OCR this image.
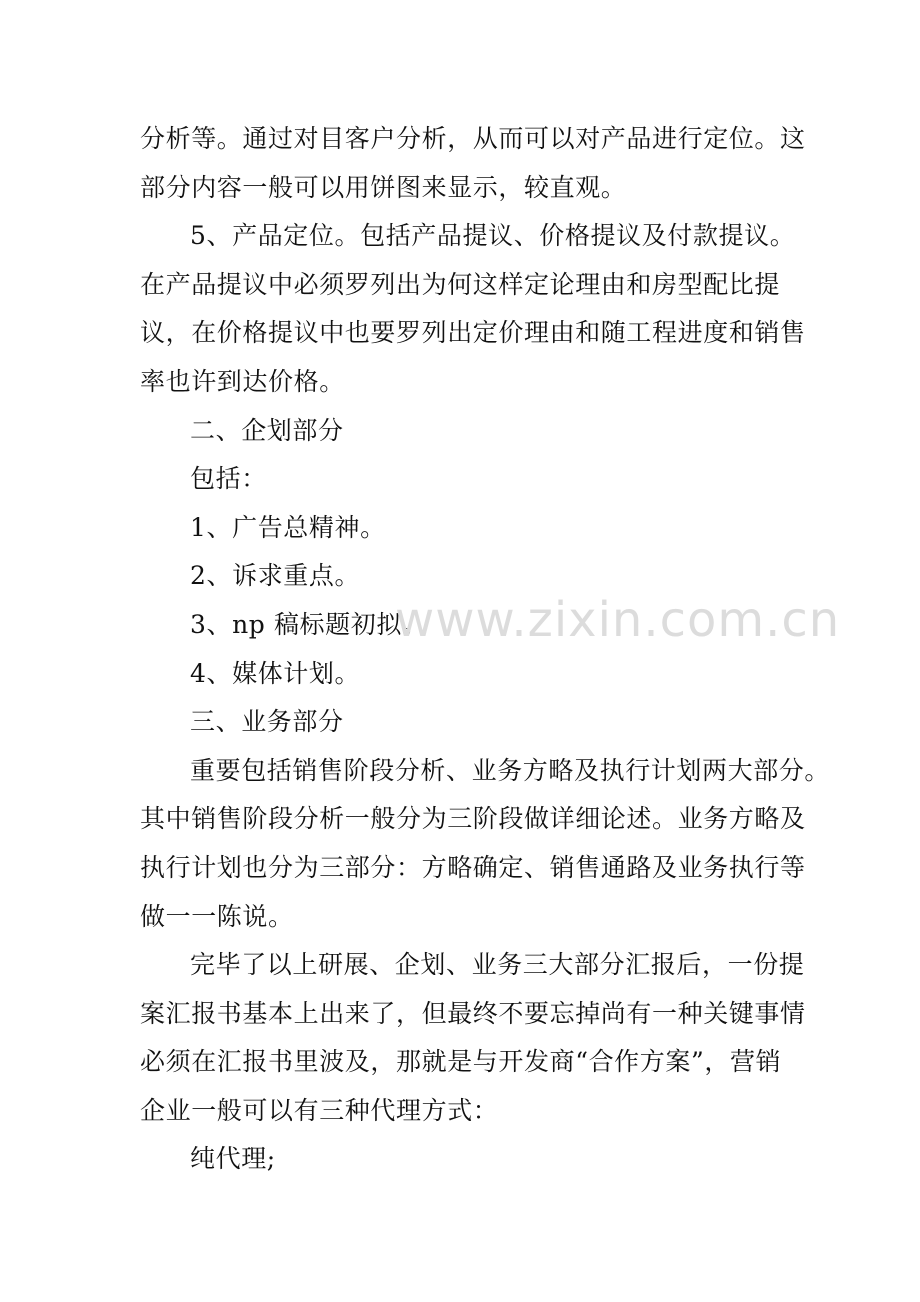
分析等。通过对目客户分析，从而可以对产品进行定位。这
部分内容一般可以用饼图来显示，较直观。
5、产品定位。包括产品提议、价格提议及付款提议。
在产品提议中必须罗列出为何这样定论理由和房型配比提
议，在价格提议中也要罗列出定价理由和随工程进度和销售
率也许到达价格。
二、企划部分
包括：
1、广告总精神。
2、诉求重点。
3、np 稿标题初拟。
4、媒体计划。
三、业务部分
重要包括销售阶段分析、业务方略及执行计划两大部分。
其中销售阶段分析一般分为三阶段做详细论述。业务方略及
执行计划也分为三部分：方略确定、销售通路及业务执行等
做一一陈说。
完毕了以上研展、企划、业务三大部分汇报后，一份提
案汇报书基本上出来了，但最终不要忘掉尚有一种关键事情
必须在汇报书里波及，那就是与开发商“合作方案”，营销
企业一般可以有三种代理方式：
纯代理;
www.zixin.com.cn
